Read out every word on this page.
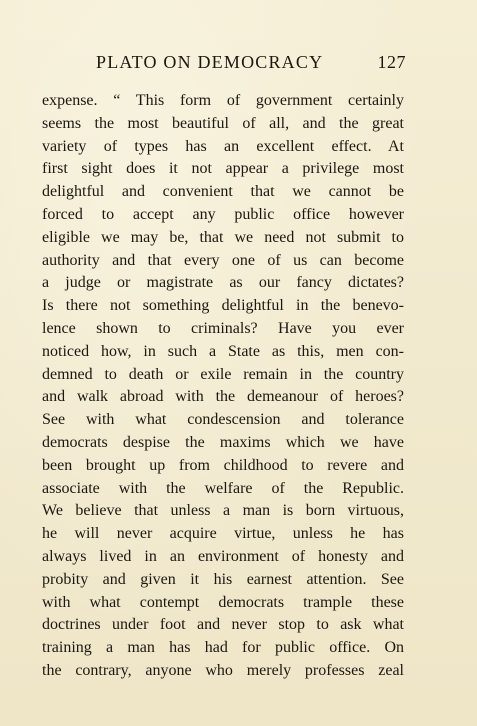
PLATO ON DEMOCRACY	127
expense. “ This form of government certainly
seems the most beautiful of all, and the great
variety of types has an excellent effect. At
first sight does it not appear a privilege most
delightful and convenient that we cannot be
forced to accept any public office however
eligible we may be, that we need not submit to
authority and that every one of us can become
a judge or magistrate as our fancy dictates?
Is there not something delightful in the benevo-
lence shown to criminals? Have you ever
noticed how, in such a State as this, men con-
demned to death or exile remain in the country
and walk abroad with the demeanour of heroes?
See with what condescension and tolerance
democrats despise the maxims which we have
been brought up from childhood to revere and
associate with the welfare of the Republic.
We believe that unless a man is born virtuous,
he will never acquire virtue, unless he has
always lived in an environment of honesty and
probity and given it his earnest attention. See
with what contempt democrats trample these
doctrines under foot and never stop to ask what
training a man has had for public office. On
the contrary, anyone who merely professes zeal
